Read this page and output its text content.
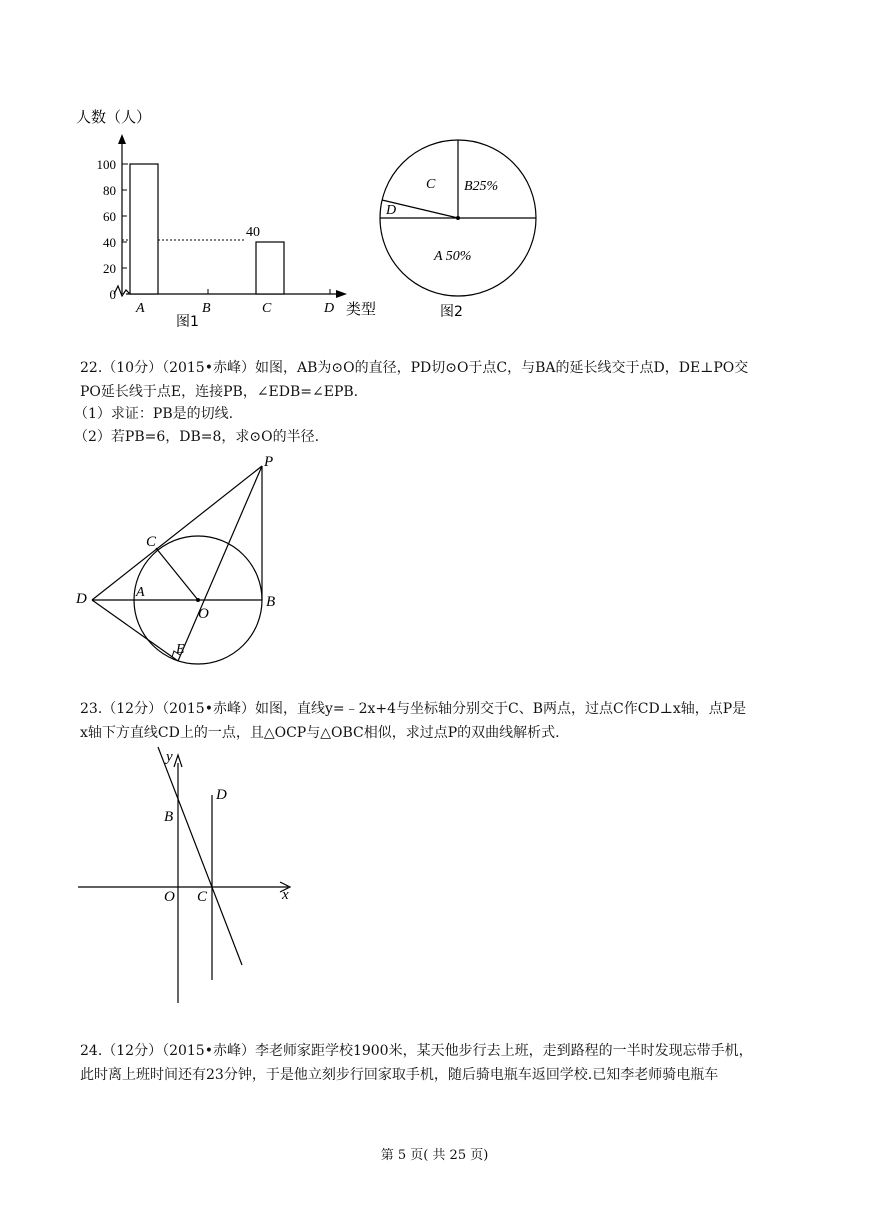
人数（人）
类型
图1
0
20
40
60
80
100
A	B	C	D
40
A 50%
B25%
C
D
图2
22.（10分）（2015•赤峰）如图，AB为⊙O的直径，PD切⊙O于点C，与BA的延长线交于点D，DE⊥PO交
PO延长线于点E，连接PB，∠EDB=∠EPB.
（1）求证：PB是的切线.
（2）若PB=6，DB=8，求⊙O的半径.
P
C
D	A
O
B
E
23.（12分）（2015•赤峰）如图，直线y=﹣2x+4与坐标轴分别交于C、B两点，过点C作CD⊥x轴，点P是
x轴下方直线CD上的一点，且△OCP与△OBC相似，求过点P的双曲线解析式.
y
x
O
B
C
D
24.（12分）（2015•赤峰）李老师家距学校1900米，某天他步行去上班，走到路程的一半时发现忘带手机，
此时离上班时间还有23分钟，于是他立刻步行回家取手机，随后骑电瓶车返回学校.已知李老师骑电瓶车
第 5 页( 共 25 页)
